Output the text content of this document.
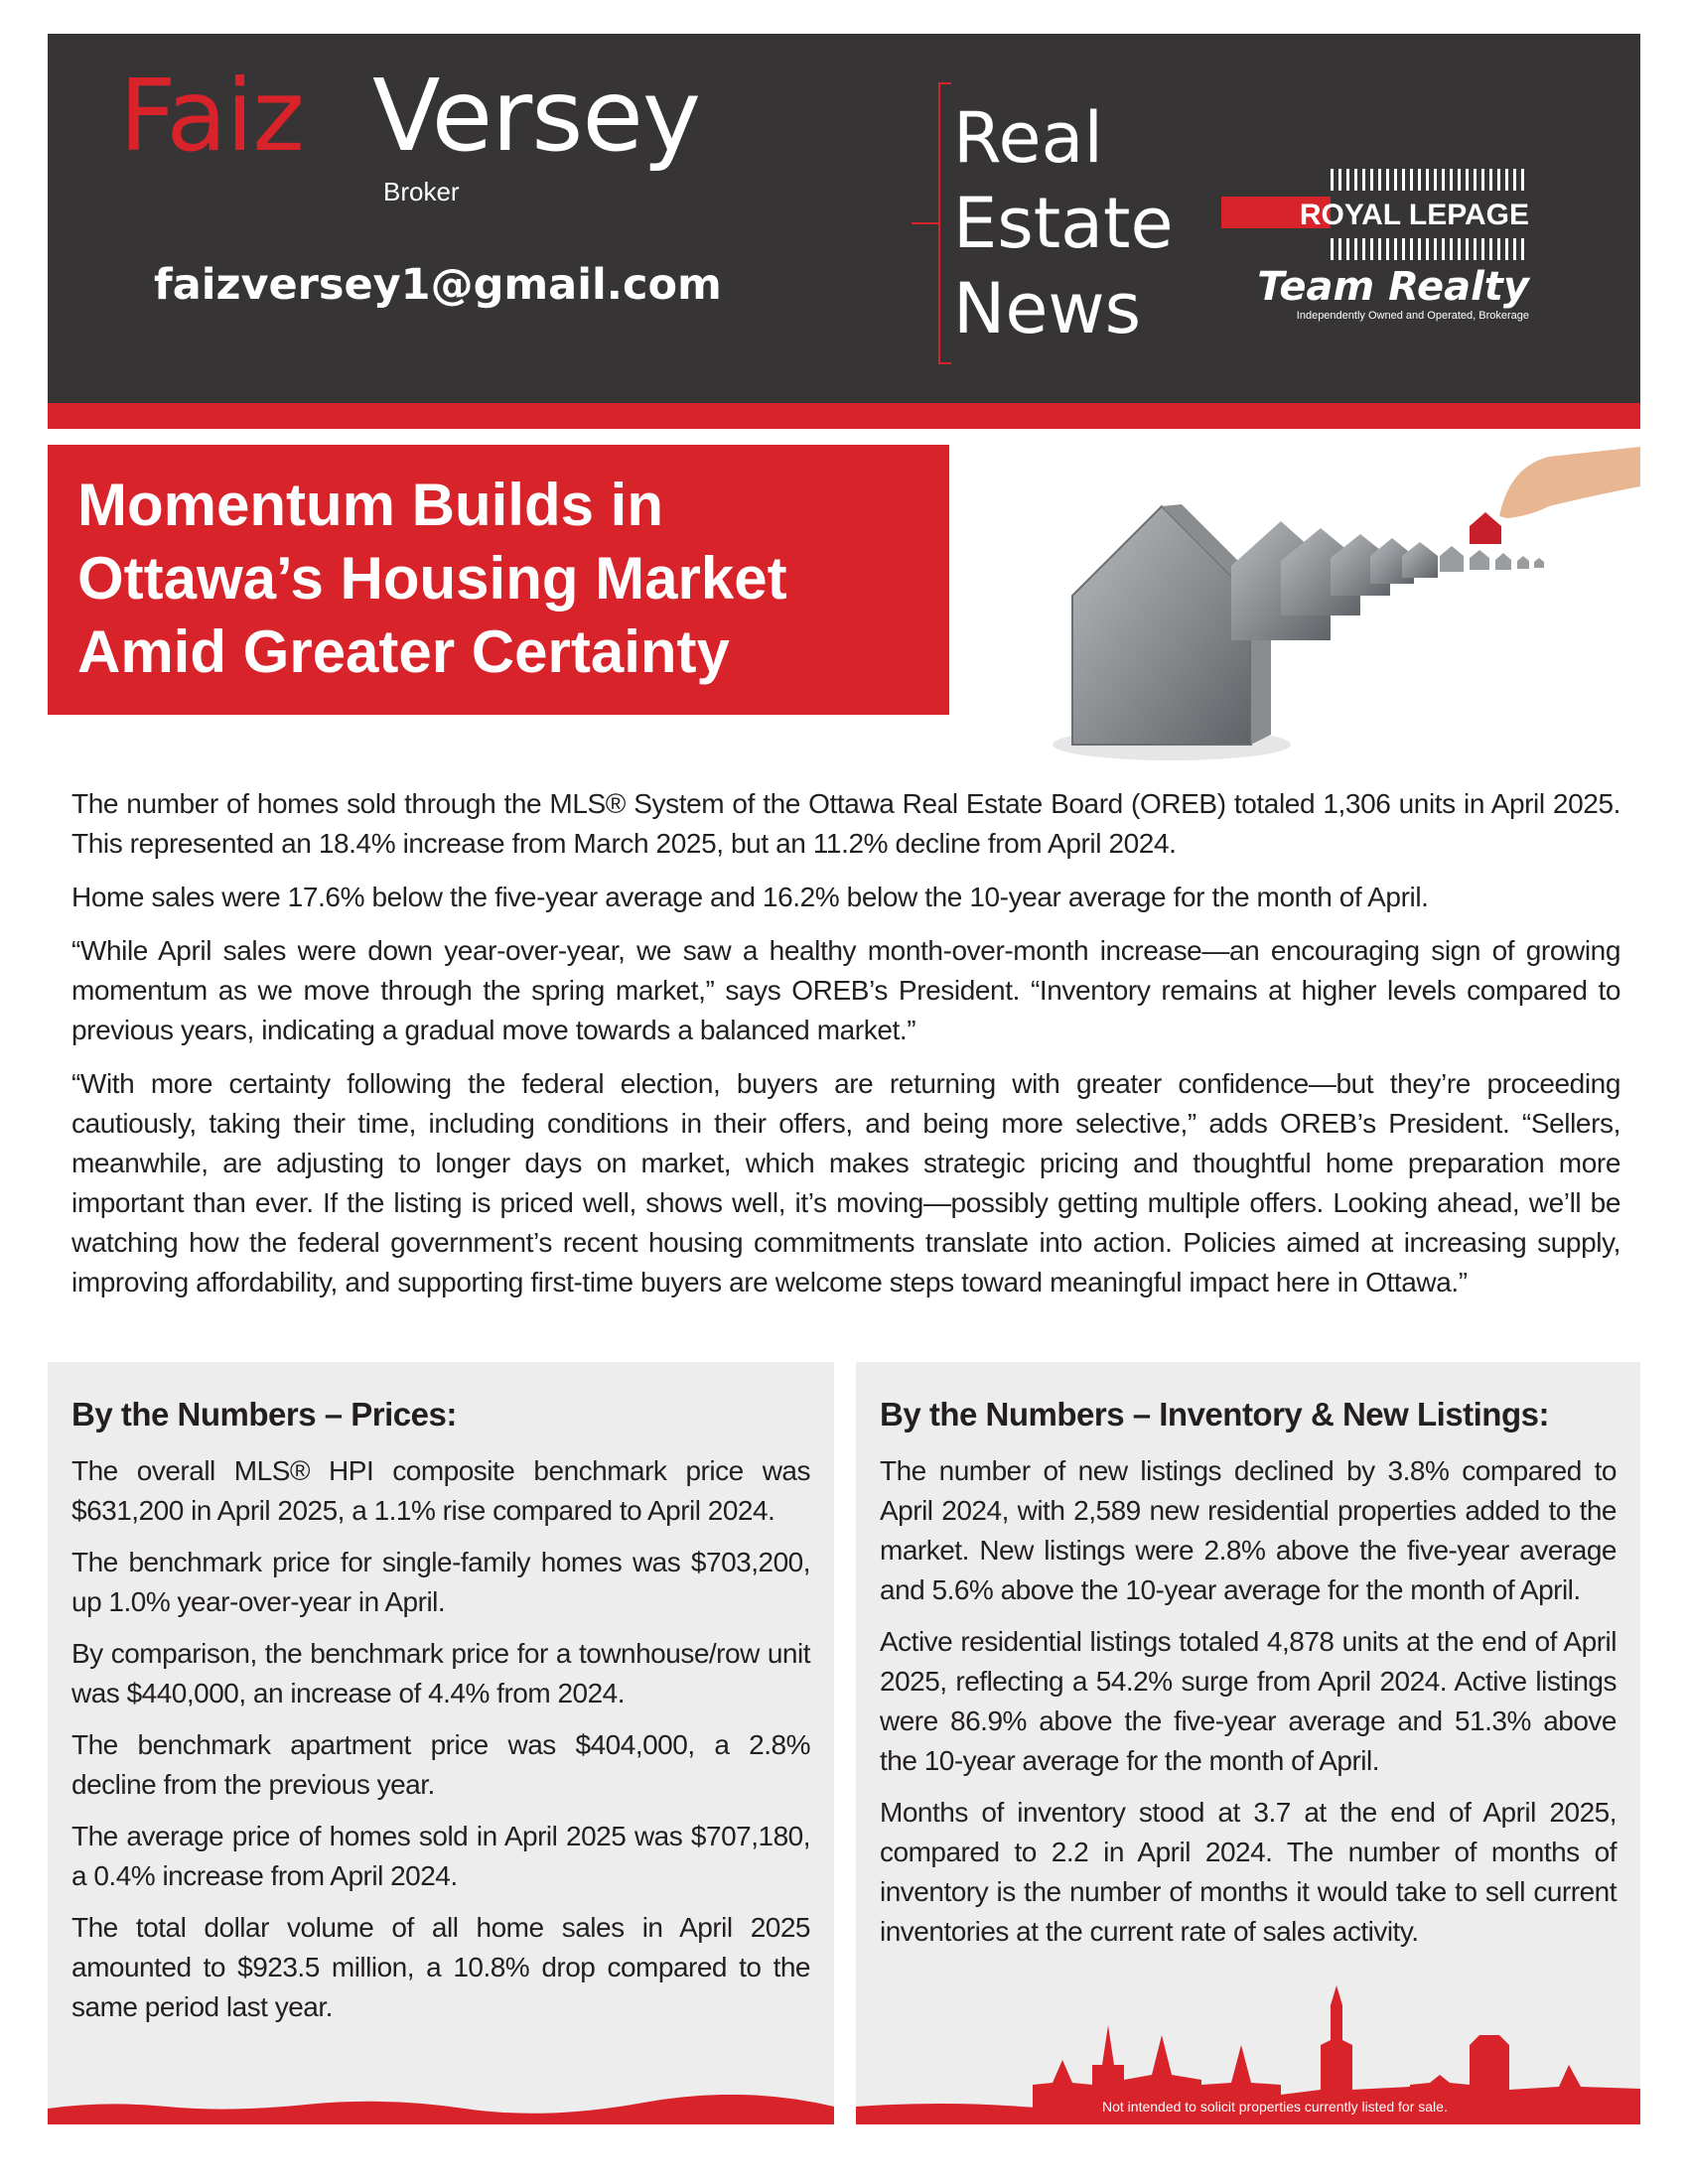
Faiz Versey
Broker
faizversey1@gmail.com
Real
Estate
News
ROYAL LEPAGE
Team Realty
Independently Owned and Operated, Brokerage
Momentum Builds in
Ottawa’s Housing Market
Amid Greater Certainty

The number of homes sold through the MLS® System of the Ottawa Real Estate Board (OREB) totaled 1,306 units in April 2025. This represented an 18.4% increase from March 2025, but an 11.2% decline from April 2024.

Home sales were 17.6% below the five-year average and 16.2% below the 10-year average for the month of April.

“While April sales were down year-over-year, we saw a healthy month-over-month increase—an encouraging sign of growing momentum as we move through the spring market,” says OREB’s President. “Inventory remains at higher levels compared to previous years, indicating a gradual move towards a balanced market.”

“With more certainty following the federal election, buyers are returning with greater confidence—but they’re proceeding cautiously, taking their time, including conditions in their offers, and being more selective,” adds OREB’s President. “Sellers, meanwhile, are adjusting to longer days on market, which makes strategic pricing and thoughtful home preparation more important than ever. If the listing is priced well, shows well, it’s moving—possibly getting multiple offers. Looking ahead, we’ll be watching how the federal government’s recent housing commitments translate into action. Policies aimed at increasing supply, improving affordability, and supporting first-time buyers are welcome steps toward meaningful impact here in Ottawa.”

By the Numbers – Prices:

The overall MLS® HPI composite benchmark price was $631,200 in April 2025, a 1.1% rise compared to April 2024.

The benchmark price for single-family homes was $703,200, up 1.0% year-over-year in April.

By comparison, the benchmark price for a townhouse/row unit was $440,000, an increase of 4.4% from 2024.

The benchmark apartment price was $404,000, a 2.8% decline from the previous year.

The average price of homes sold in April 2025 was $707,180, a 0.4% increase from April 2024.

The total dollar volume of all home sales in April 2025 amounted to $923.5 million, a 10.8% drop compared to the same period last year.

By the Numbers – Inventory & New Listings:

The number of new listings declined by 3.8% compared to April 2024, with 2,589 new residential properties added to the market. New listings were 2.8% above the five-year average and 5.6% above the 10-year average for the month of April.

Active residential listings totaled 4,878 units at the end of April 2025, reflecting a 54.2% surge from April 2024. Active listings were 86.9% above the five-year average and 51.3% above the 10-year average for the month of April.

Months of inventory stood at 3.7 at the end of April 2025, compared to 2.2 in April 2024. The number of months of inventory is the number of months it would take to sell current inventories at the current rate of sales activity.

Not intended to solicit properties currently listed for sale.
